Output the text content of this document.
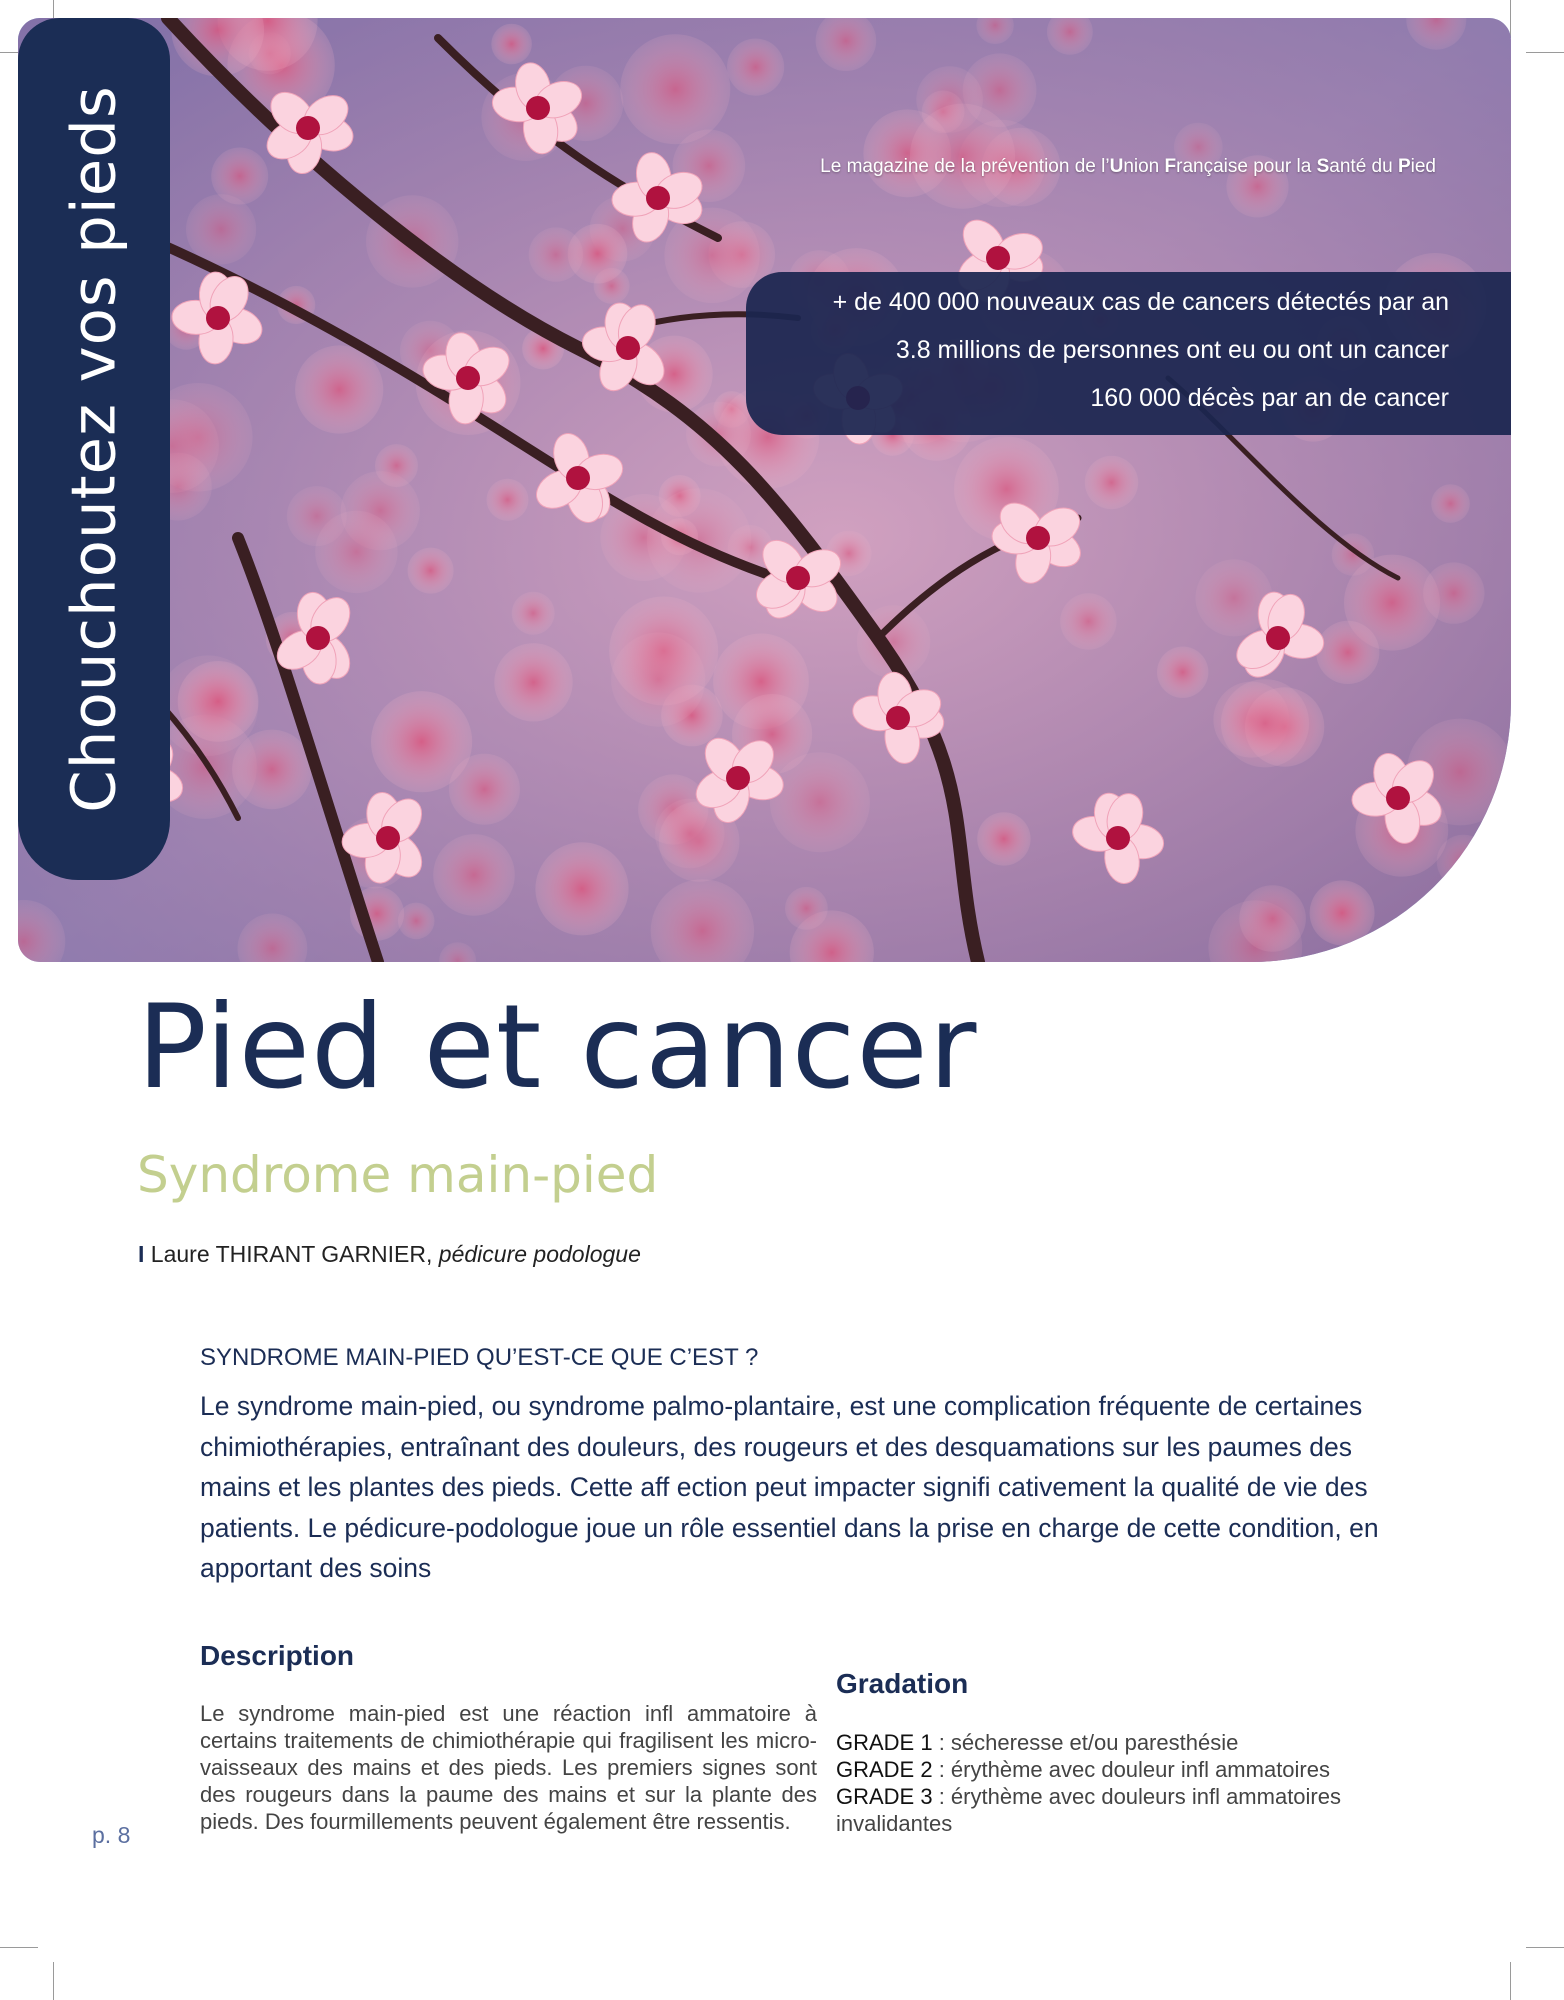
Chouchoutez vos pieds	Le magazine de la prévention de l’Union Française pour la Santé du Pied
+ de 400 000 nouveaux cas de cancers détectés par an
3.8 millions de personnes ont eu ou ont un cancer
160 000 décès par an de cancer
Pied et cancer
Syndrome main-pied
I Laure THIRANT GARNIER, pédicure podologue
SYNDROME MAIN-PIED QU’EST-CE QUE C’EST ?
Le syndrome main-pied, ou syndrome palmo-plantaire, est une complication fréquente de certaines chimiothérapies, entraînant des douleurs, des rougeurs et des desquamations sur les paumes des mains et les plantes des pieds. Cette aff ection peut impacter signifi cativement la qualité de vie des patients. Le pédicure-podologue joue un rôle essentiel dans la prise en charge de cette condition, en apportant des soins
Description
Le syndrome main-pied est une réaction infl ammatoire à certains traitements de chimiothérapie qui fragilisent les micro-vaisseaux des mains et des pieds. Les premiers signes sont des rougeurs dans la paume des mains et sur la plante des pieds. Des fourmillements peuvent également être ressentis.
Gradation
GRADE 1 : sécheresse et/ou paresthésie
GRADE 2 : érythème avec douleur infl ammatoires
GRADE 3 : érythème avec douleurs infl ammatoires invalidantes
p. 8
